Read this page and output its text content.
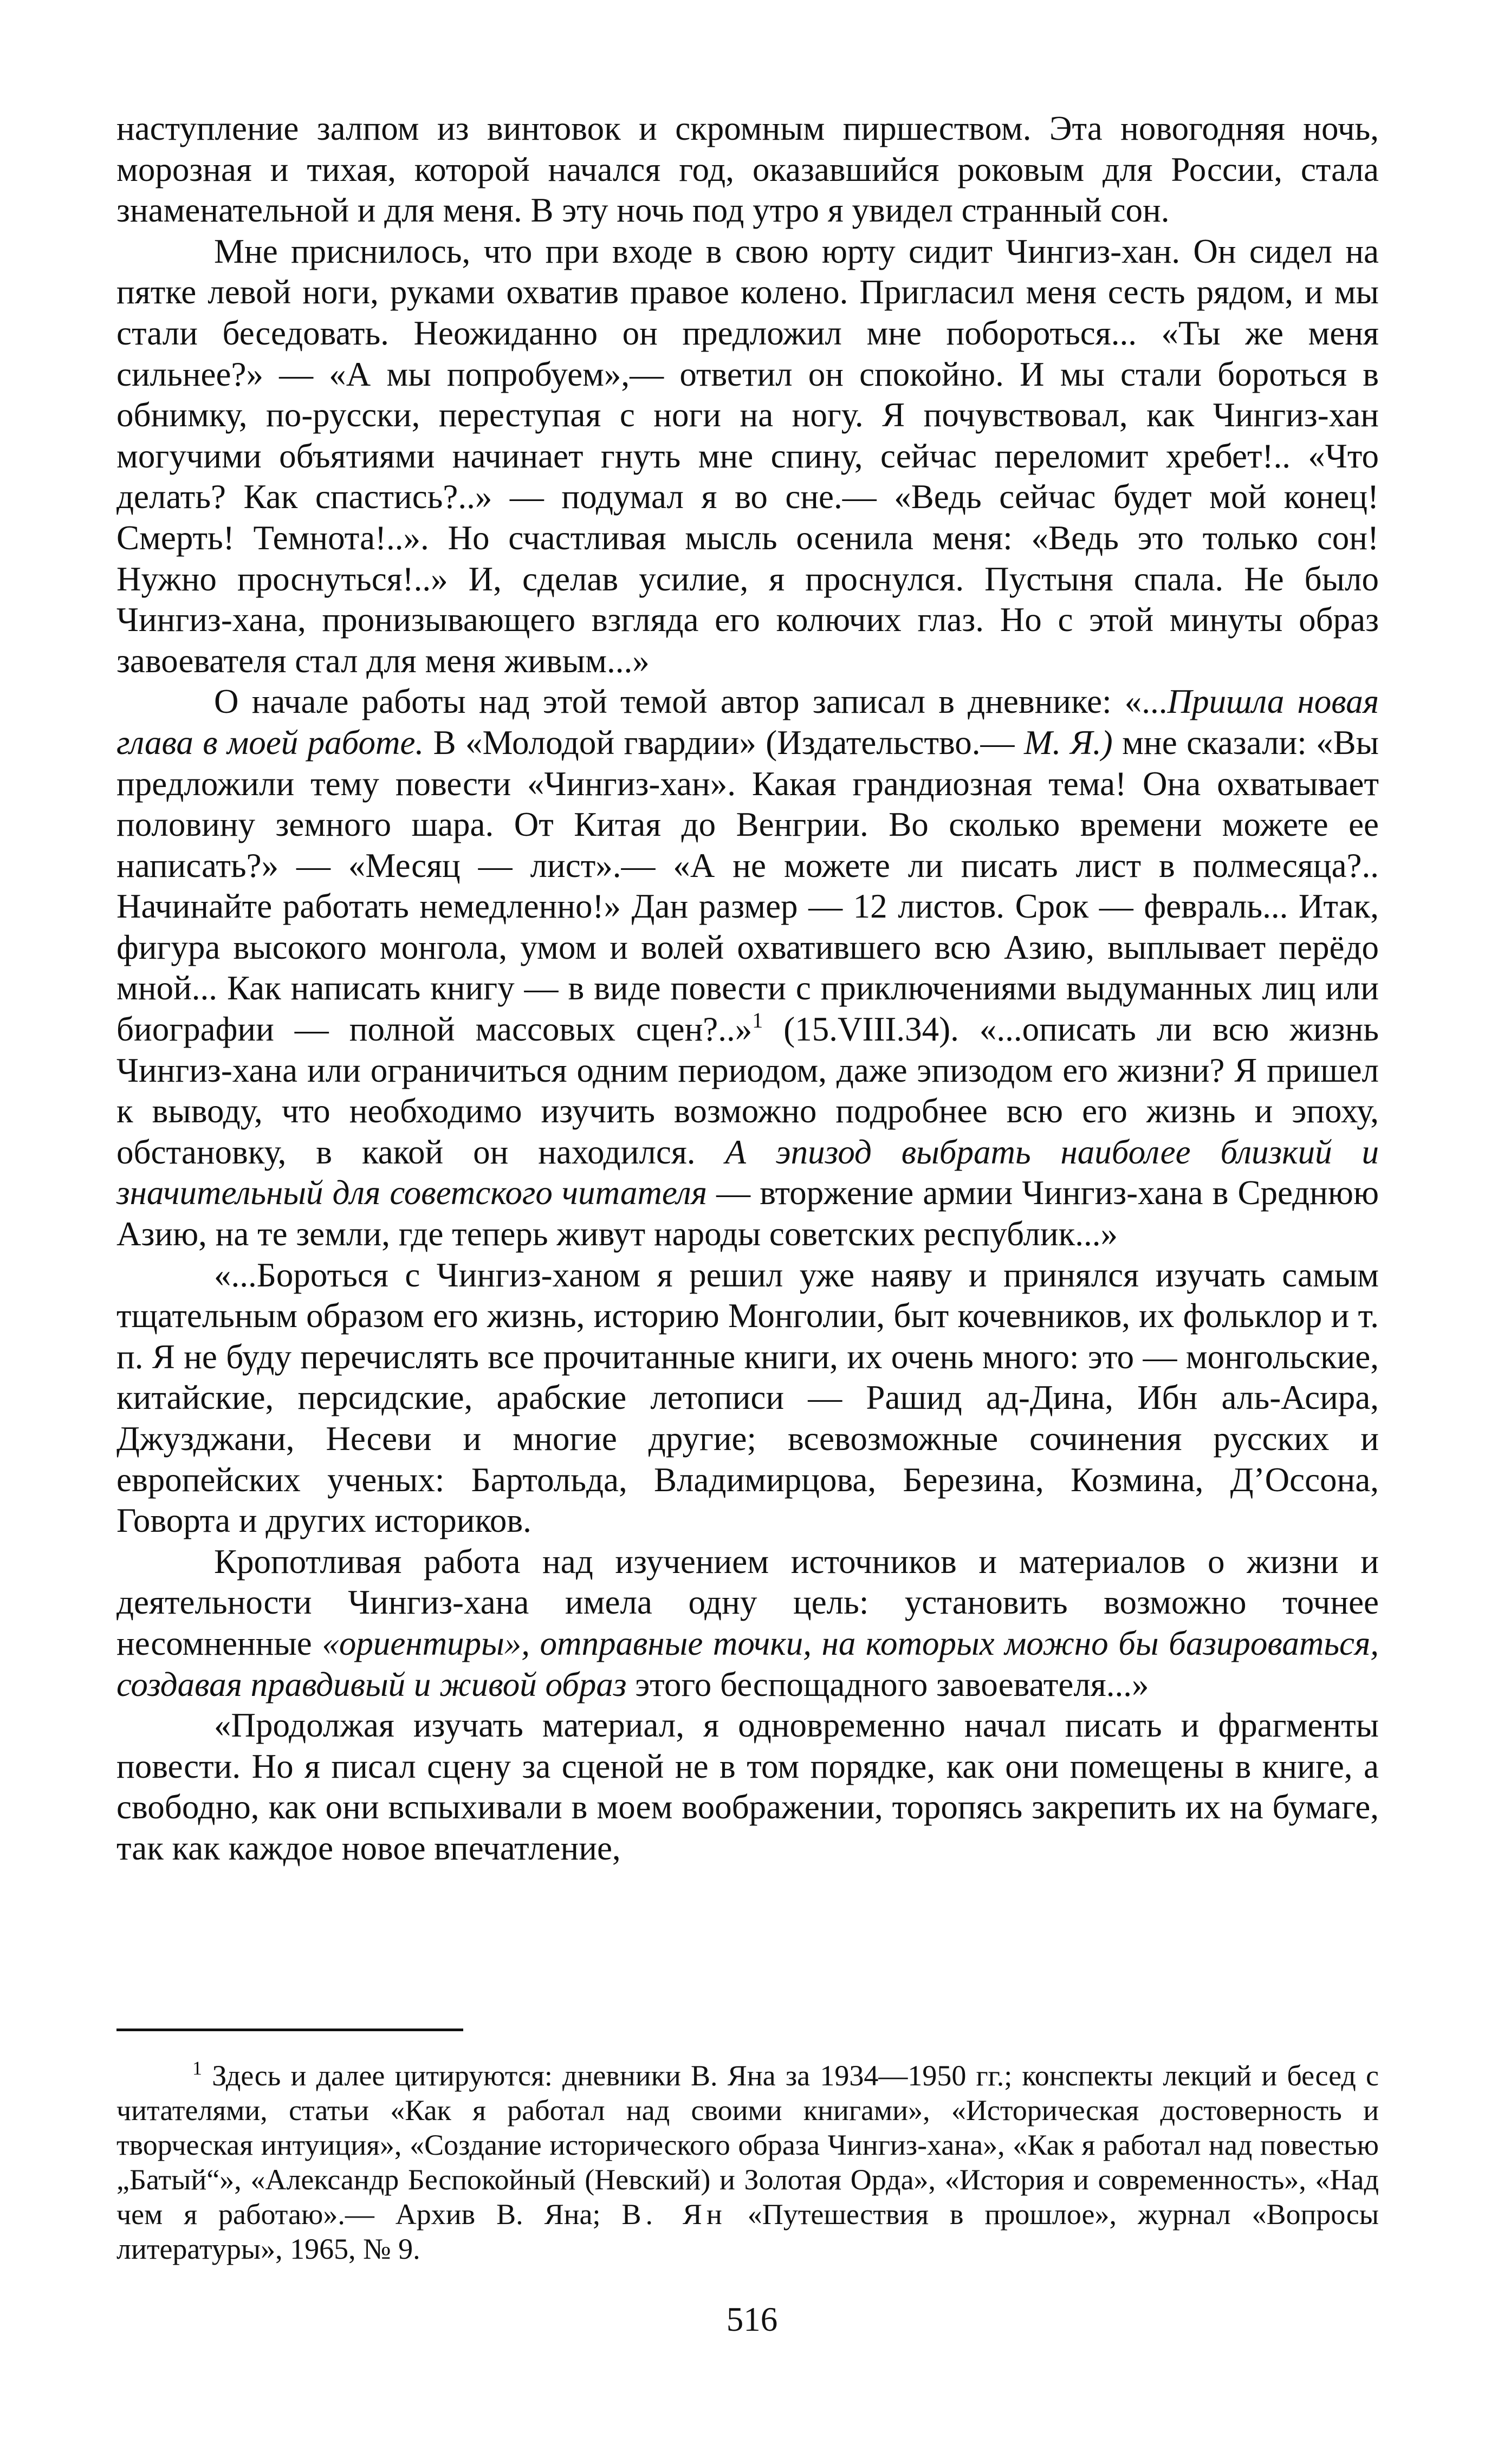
наступление залпом из винтовок и скромным пиршеством. Эта новогодняя ночь, морозная и тихая, которой начался год, оказавшийся роковым для России, стала знаменательной и для меня. В эту ночь под утро я увидел странный сон.

Мне приснилось, что при входе в свою юрту сидит Чингиз-хан. Он сидел на пятке левой ноги, руками охватив правое колено. Пригласил меня сесть рядом, и мы стали беседовать. Неожиданно он предложил мне побороться... «Ты же меня сильнее?» — «А мы попробуем»,— ответил он спокойно. И мы стали бороться в обнимку, по-русски, переступая с ноги на ногу. Я почувствовал, как Чингиз-хан могучими объятиями начинает гнуть мне спину, сейчас переломит хребет!.. «Что делать? Как спастись?..» — подумал я во сне.— «Ведь сейчас будет мой конец! Смерть! Темнота!..». Но счастливая мысль осенила меня: «Ведь это только сон! Нужно проснуться!..» И, сделав усилие, я проснулся. Пустыня спала. Не было Чингиз-хана, пронизывающего взгляда его колючих глаз. Но с этой минуты образ завоевателя стал для меня живым...»

О начале работы над этой темой автор записал в дневнике: «...Пришла новая глава в моей работе. В «Молодой гвардии» (Издательство.— М. Я.) мне сказали: «Вы предложили тему повести «Чингиз-хан». Какая грандиозная тема! Она охватывает половину земного шара. От Китая до Венгрии. Во сколько времени можете ее написать?» — «Месяц — лист».— «А не можете ли писать лист в полмесяца?.. Начинайте работать немедленно!» Дан размер — 12 листов. Срок — февраль... Итак, фигура высокого монгола, умом и волей охватившего всю Азию, выплывает перёдо мной... Как написать книгу — в виде повести с приключениями выдуманных лиц или биографии — полной массовых сцен?..»$^1$ (15.VIII.34). «...описать ли всю жизнь Чингиз-хана или ограничиться одним периодом, даже эпизодом его жизни? Я пришел к выводу, что необходимо изучить возможно подробнее всю его жизнь и эпоху, обстановку, в какой он находился. А эпизод выбрать наиболее близкий и значительный для советского читателя — вторжение армии Чингиз-хана в Среднюю Азию, на те земли, где теперь живут народы советских республик...»

«...Бороться с Чингиз-ханом я решил уже наяву и принялся изучать самым тщательным образом его жизнь, историю Монголии, быт кочевников, их фольклор и т. п. Я не буду перечислять все прочитанные книги, их очень много: это — монгольские, китайские, персидские, арабские летописи — Рашид ад-Дина, Ибн аль-Асира, Джузджани, Несеви и многие другие; всевозможные сочинения русских и европейских ученых: Бартольда, Владимирцова, Березина, Козмина, Д’Оссона, Говорта и других историков.

Кропотливая работа над изучением источников и материалов о жизни и деятельности Чингиз-хана имела одну цель: установить возможно точнее несомненные «ориентиры», отправные точки, на которых можно бы базироваться, создавая правдивый и живой образ этого беспощадного завоевателя...»

«Продолжая изучать материал, я одновременно начал писать и фрагменты повести. Но я писал сцену за сценой не в том порядке, как они помещены в книге, а свободно, как они вспыхивали в моем воображении, торопясь закрепить их на бумаге, так как каждое новое впечатлениe,

$^1$ Здесь и далее цитируются: дневники В. Яна за 1934—1950 гг.; конспекты лекций и бесед с читателями, статьи «Как я работал над своими книгами», «Историческая достоверность и творческая интуиция», «Создание исторического образа Чингиз-хана», «Как я работал над повестью „Батый“», «Александр Беспокойный (Невский) и Золотая Орда», «История и современность», «Над чем я работаю».— Архив В. Яна; В. Ян «Путешествия в прошлое», журнал «Вопросы литературы», 1965, № 9.

516
